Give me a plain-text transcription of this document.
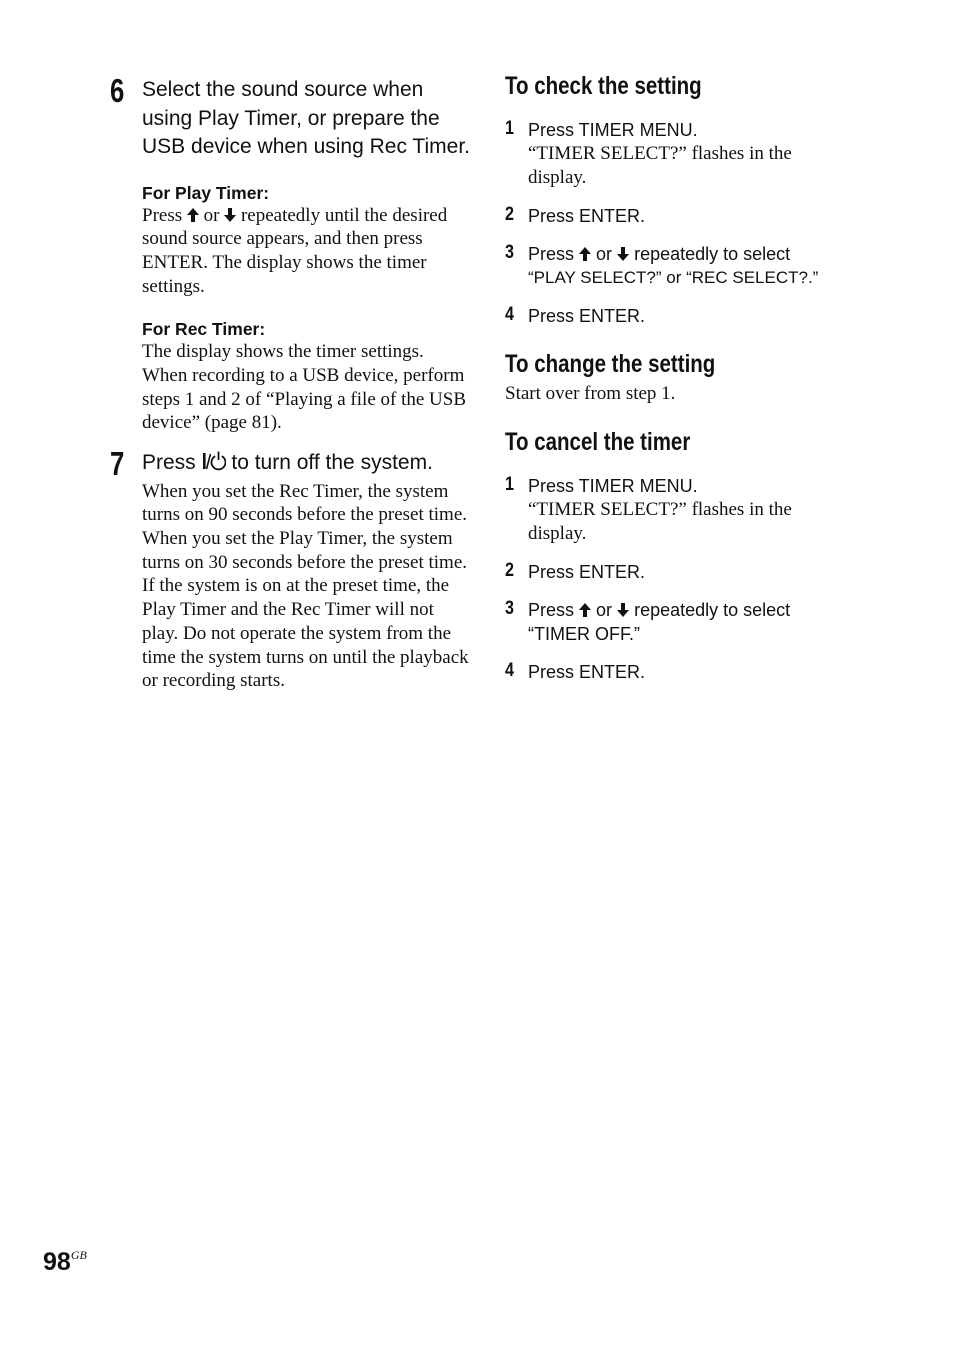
6 Select the sound source when using Play Timer, or prepare the USB device when using Rec Timer.
For Play Timer:
Press or repeatedly until the desired sound source appears, and then press ENTER. The display shows the timer settings.
For Rec Timer:
The display shows the timer settings. When recording to a USB device, perform steps 1 and 2 of “Playing a file of the USB device” (page 81).
7 Press to turn off the system.
When you set the Rec Timer, the system turns on 90 seconds before the preset time. When you set the Play Timer, the system turns on 30 seconds before the preset time.
If the system is on at the preset time, the Play Timer and the Rec Timer will not play. Do not operate the system from the time the system turns on until the playback or recording starts.
To check the setting
1 Press TIMER MENU.
“TIMER SELECT?” flashes in the display.
2 Press ENTER.
3 Press or repeatedly to select
“PLAY SELECT?” or “REC SELECT?.”
4 Press ENTER.
To change the setting
Start over from step 1.
To cancel the timer
1 Press TIMER MENU.
“TIMER SELECT?” flashes in the display.
2 Press ENTER.
3 Press or repeatedly to select
“TIMER OFF.”
4 Press ENTER.
$98^{GB}$
